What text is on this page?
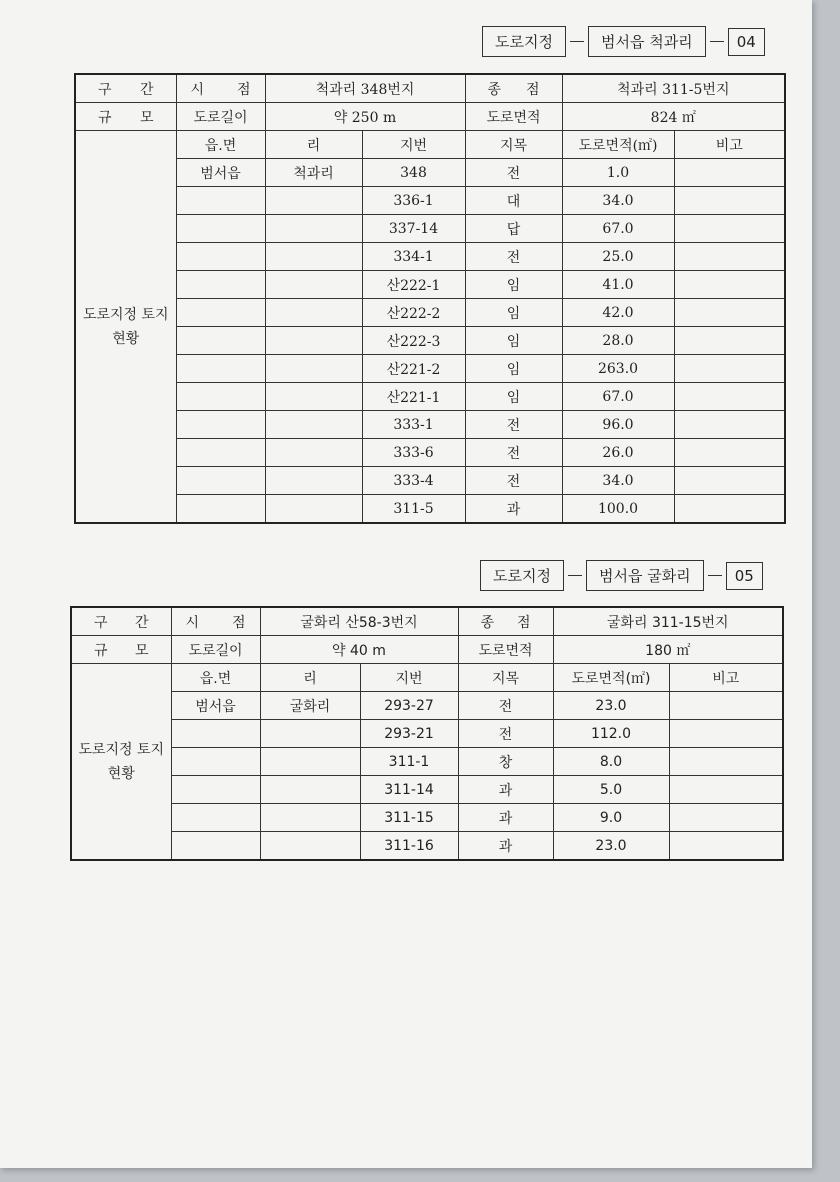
도로지정	범서읍 척과리	04
구 간	시 점	척과리 348번지		종 점	척과리 311-5번지	

규 모	도로길이	약 250 m		도로면적	824 ㎡	

도로지정 토지
현황	읍.면	리	지번	지목	도로면적(㎡)	비고
	범서읍	척과리	348	전	1.0	
			336-1	대	34.0	
			337-14	답	67.0	
			334-1	전	25.0	
			산222-1	임	41.0	
			산222-2	임	42.0	
			산222-3	임	28.0	
			산221-2	임	263.0	
			산221-1	임	67.0	
			333-1	전	96.0	
			333-6	전	26.0	
			333-4	전	34.0	
			311-5	과	100.0	
도로지정	범서읍 굴화리	05
구 간	시 점	굴화리 산58-3번지		종 점	굴화리 311-15번지	

규 모	도로길이	약 40 m		도로면적	180 ㎡	

도로지정 토지
현황	읍.면	리	지번	지목	도로면적(㎡)	비고
	범서읍	굴화리	293-27	전	23.0	
			293-21	전	112.0	
			311-1	창	8.0	
			311-14	과	5.0	
			311-15	과	9.0	
			311-16	과	23.0	
